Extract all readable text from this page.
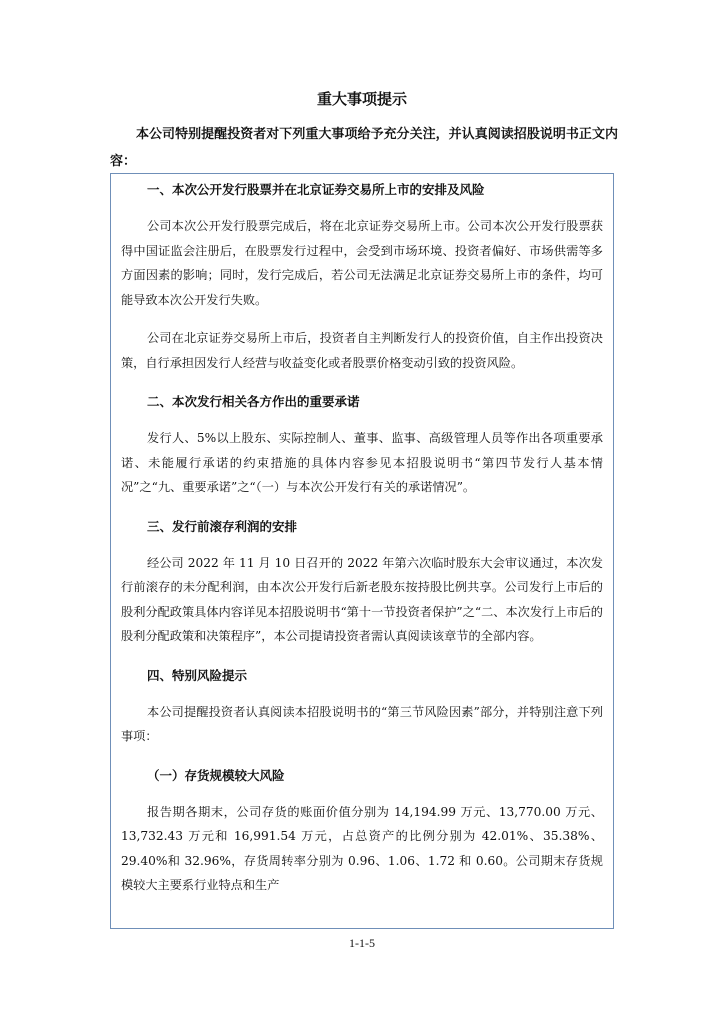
重大事项提示
本公司特别提醒投资者对下列重大事项给予充分关注，并认真阅读招股说明书正文内容：
一、本次公开发行股票并在北京证券交易所上市的安排及风险

公司本次公开发行股票完成后，将在北京证券交易所上市。公司本次公开发行股票获得中国证监会注册后，在股票发行过程中，会受到市场环境、投资者偏好、市场供需等多方面因素的影响；同时，发行完成后，若公司无法满足北京证券交易所上市的条件，均可能导致本次公开发行失败。

公司在北京证券交易所上市后，投资者自主判断发行人的投资价值，自主作出投资决策，自行承担因发行人经营与收益变化或者股票价格变动引致的投资风险。

二、本次发行相关各方作出的重要承诺

发行人、5%以上股东、实际控制人、董事、监事、高级管理人员等作出各项重要承诺、未能履行承诺的约束措施的具体内容参见本招股说明书“第四节发行人基本情况”之“九、重要承诺”之“（一）与本次公开发行有关的承诺情况”。

三、发行前滚存利润的安排

经公司 2022 年 11 月 10 日召开的 2022 年第六次临时股东大会审议通过，本次发行前滚存的未分配利润，由本次公开发行后新老股东按持股比例共享。公司发行上市后的股利分配政策具体内容详见本招股说明书“第十一节投资者保护”之“二、本次发行上市后的股利分配政策和决策程序”，本公司提请投资者需认真阅读该章节的全部内容。

四、特别风险提示

本公司提醒投资者认真阅读本招股说明书的“第三节风险因素”部分，并特别注意下列事项：

（一）存货规模较大风险

报告期各期末，公司存货的账面价值分别为 14,194.99 万元、13,770.00 万元、13,732.43 万元和 16,991.54 万元，占总资产的比例分别为 42.01%、35.38%、29.40%和 32.96%，存货周转率分别为 0.96、1.06、1.72 和 0.60。公司期末存货规模较大主要系行业特点和生产

1-1-5
